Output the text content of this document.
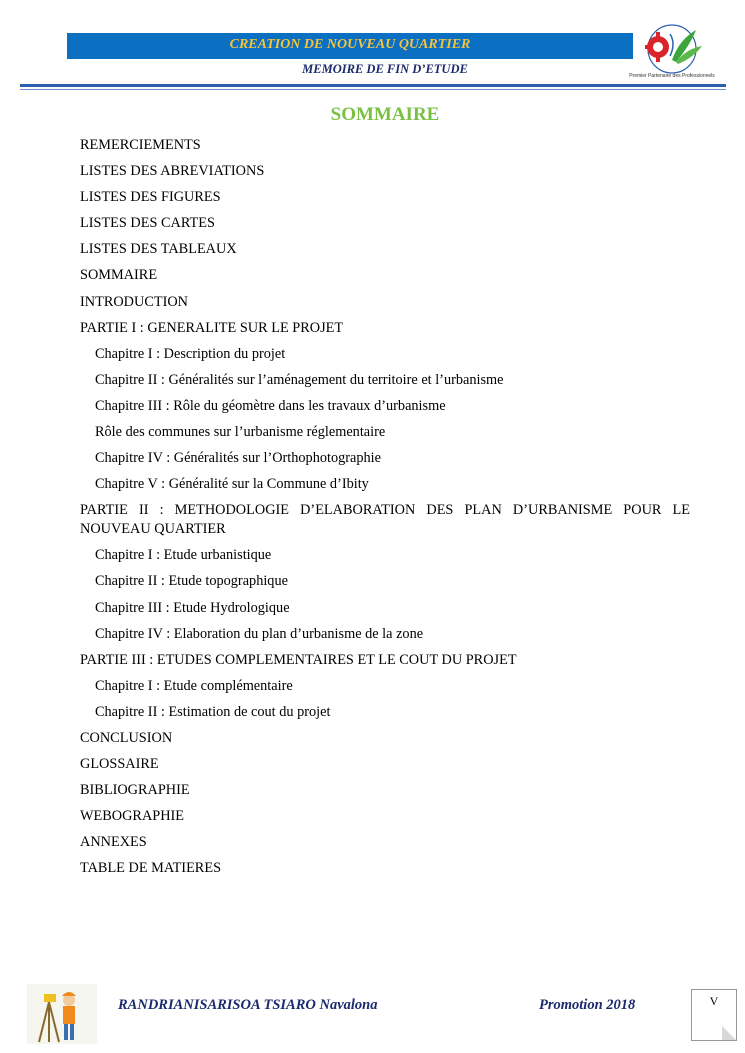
CREATION DE NOUVEAU QUARTIER
MEMOIRE DE FIN D’ETUDE	Premier Partenaire des Professionnels
SOMMAIRE
REMERCIEMENTS
LISTES DES ABREVIATIONS
LISTES DES FIGURES
LISTES DES CARTES
LISTES DES TABLEAUX
SOMMAIRE
INTRODUCTION
PARTIE I : GENERALITE SUR LE PROJET
Chapitre I : Description du projet
Chapitre II : Généralités sur l’aménagement du territoire et l’urbanisme
Chapitre III : Rôle du géomètre dans les travaux d’urbanisme
Rôle des communes sur l’urbanisme réglementaire
Chapitre IV : Généralités sur l’Orthophotographie
Chapitre V : Généralité sur la Commune d’Ibity
PARTIE II : METHODOLOGIE D’ELABORATION DES PLAN D’URBANISME POUR LE NOUVEAU QUARTIER
Chapitre I : Etude urbanistique
Chapitre II : Etude topographique
Chapitre III : Etude Hydrologique
Chapitre IV : Elaboration du plan d’urbanisme de la zone
PARTIE III : ETUDES COMPLEMENTAIRES ET LE COUT DU PROJET
Chapitre I : Etude complémentaire
Chapitre II : Estimation de cout du projet
CONCLUSION
GLOSSAIRE
BIBLIOGRAPHIE
WEBOGRAPHIE
ANNEXES
TABLE DE MATIERES
RANDRIANISARISOA TSIARO Navalona	Promotion 2018	V
